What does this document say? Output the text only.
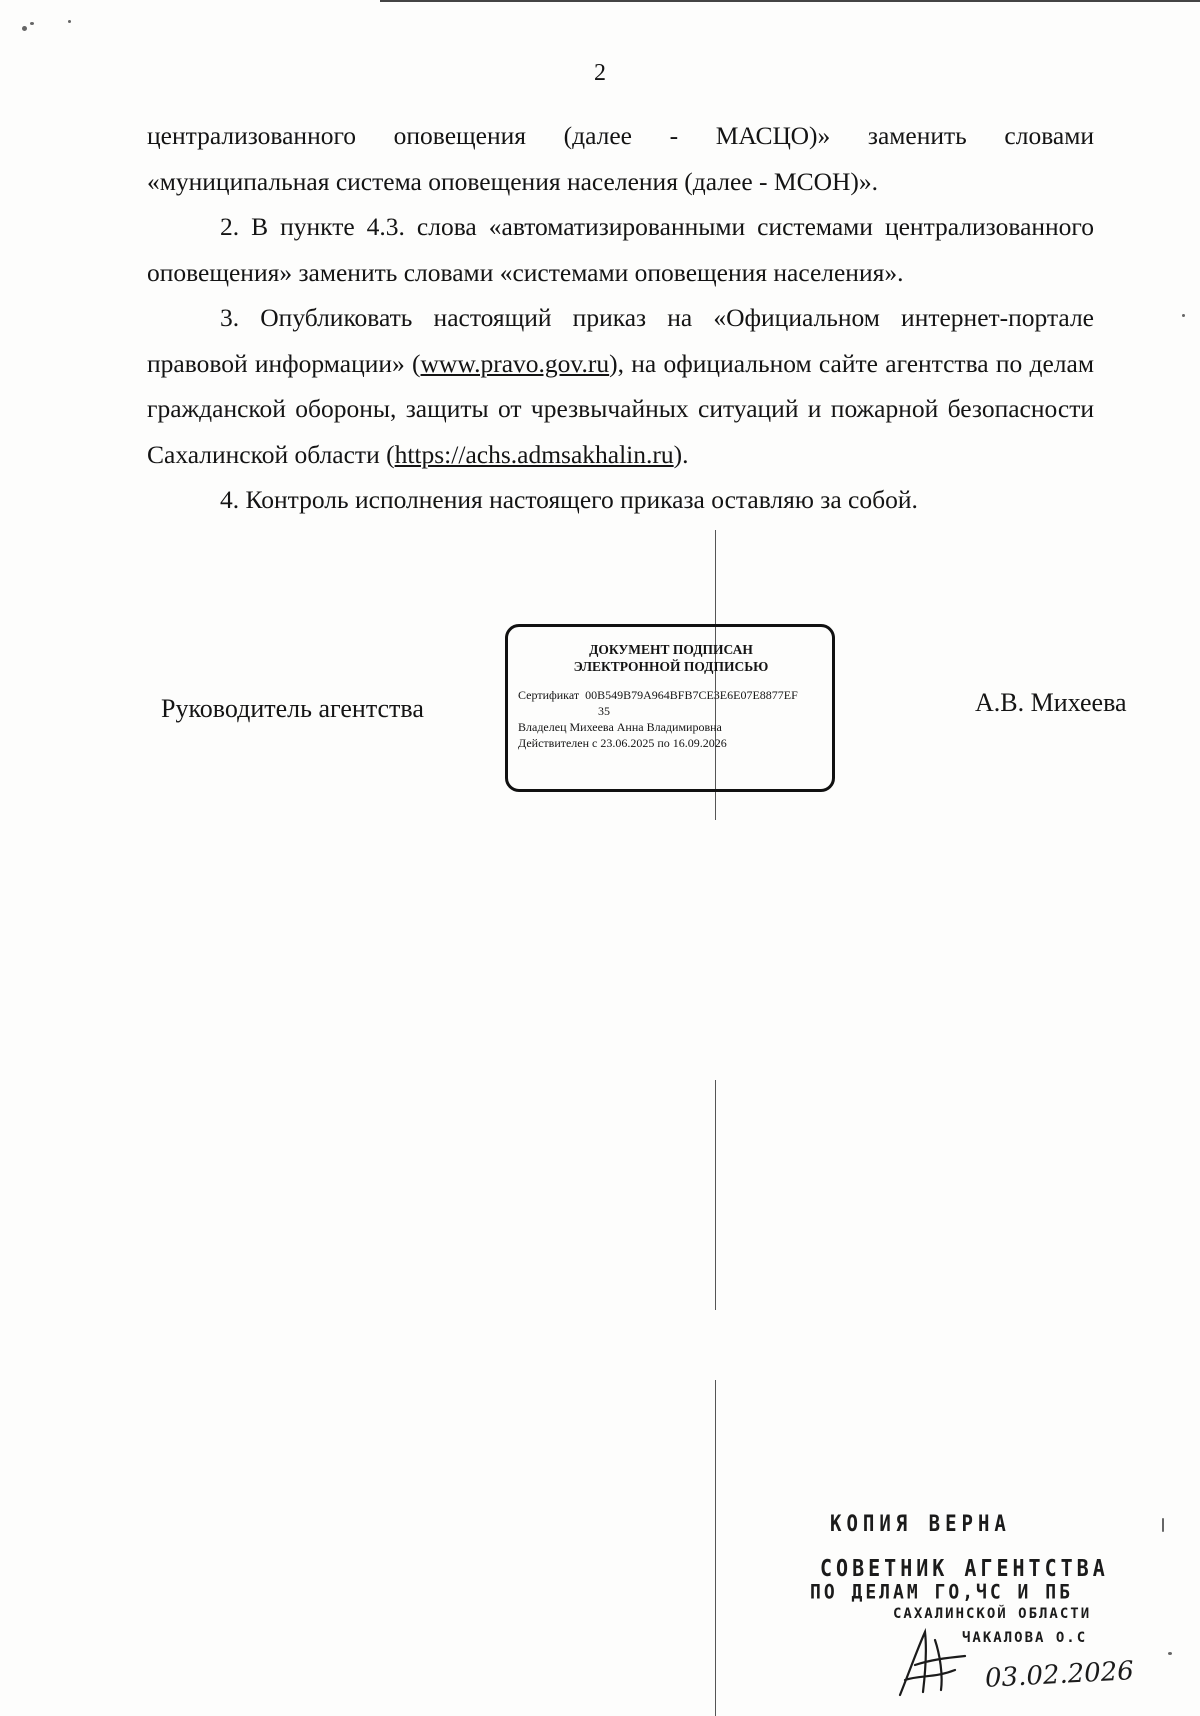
2

централизованного оповещения (далее - МАСЦО)» заменить словами «муниципальная система оповещения населения (далее - МСОН)».

2. В пункте 4.3. слова «автоматизированными системами централизованного оповещения» заменить словами «системами оповещения населения».

3. Опубликовать настоящий приказ на «Официальном интернет-портале правовой информации» (www.pravo.gov.ru), на официальном сайте агентства по делам гражданской обороны, защиты от чрезвычайных ситуаций и пожарной безопасности Сахалинской области (https://achs.admsakhalin.ru).

4. Контроль исполнения настоящего приказа оставляю за собой.

Руководитель агентства	А.В. Михеева
ДОКУМЕНТ ПОДПИСАН
ЭЛЕКТРОННОЙ ПОДПИСЬЮ
Сертификат 00B549B79A964BFB7CE3E6E07E8877EF
35
Владелец Михеева Анна Владимировна
Действителен с 23.06.2025 по 16.09.2026
КОПИЯ ВЕРНА
СОВЕТНИК АГЕНТСТВА
ПО ДЕЛАМ ГО,ЧС И ПБ
САХАЛИНСКОЙ ОБЛАСТИ
ЧАКАЛОВА О.С
03.02.2026
